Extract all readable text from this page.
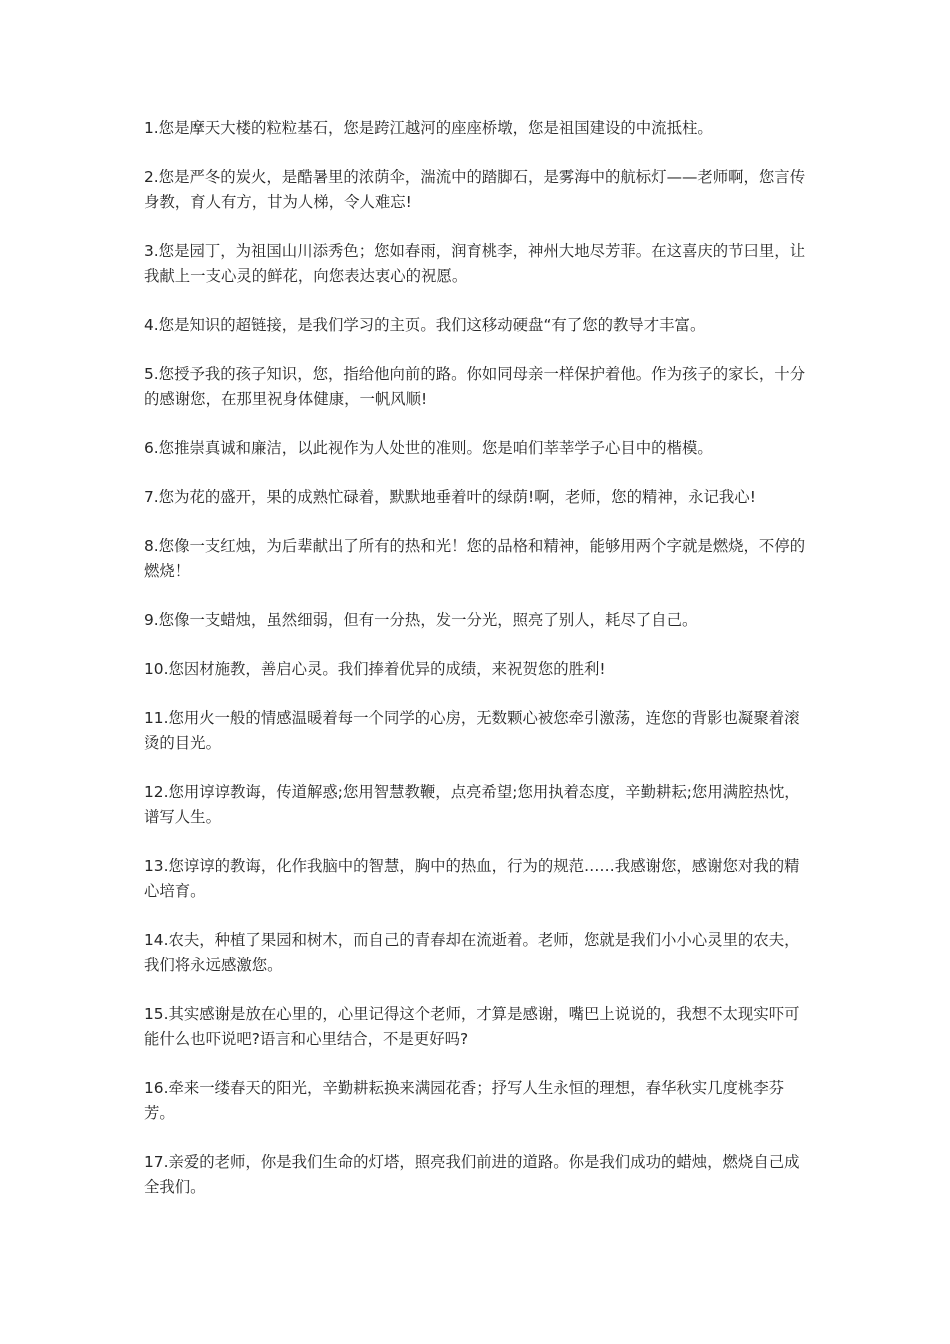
1.您是摩天大楼的粒粒基石，您是跨江越河的座座桥墩，您是祖国建设的中流抵柱。

2.您是严冬的炭火，是酷暑里的浓荫伞，湍流中的踏脚石，是雾海中的航标灯——老师啊，您言传身教，育人有方，甘为人梯，令人难忘!

3.您是园丁，为祖国山川添秀色；您如春雨，润育桃李，神州大地尽芳菲。在这喜庆的节曰里，让我献上一支心灵的鲜花，向您表达衷心的祝愿。

4.您是知识的超链接，是我们学习的主页。我们这移动硬盘“有了您的教导才丰富。

5.您授予我的孩子知识，您，指给他向前的路。你如同母亲一样保护着他。作为孩子的家长，十分的感谢您，在那里祝身体健康，一帆风顺!

6.您推崇真诚和廉洁，以此视作为人处世的准则。您是咱们莘莘学子心目中的楷模。

7.您为花的盛开，果的成熟忙碌着，默默地垂着叶的绿荫!啊，老师，您的精神，永记我心!

8.您像一支红烛，为后辈献出了所有的热和光！您的品格和精神，能够用两个字就是燃烧，不停的燃烧！

9.您像一支蜡烛，虽然细弱，但有一分热，发一分光，照亮了别人，耗尽了自己。

10.您因材施教，善启心灵。我们捧着优异的成绩，来祝贺您的胜利!

11.您用火一般的情感温暖着每一个同学的心房，无数颗心被您牵引激荡，连您的背影也凝聚着滚烫的目光。

12.您用谆谆教诲，传道解惑;您用智慧教鞭，点亮希望;您用执着态度，辛勤耕耘;您用满腔热忱，谱写人生。

13.您谆谆的教诲，化作我脑中的智慧，胸中的热血，行为的规范……我感谢您，感谢您对我的精心培育。

14.农夫，种植了果园和树木，而自己的青春却在流逝着。老师，您就是我们小小心灵里的农夫，我们将永远感激您。

15.其实感谢是放在心里的，心里记得这个老师，才算是感谢，嘴巴上说说的，我想不太现实吓可能什么也吓说吧?语言和心里结合，不是更好吗?

16.牵来一缕春天的阳光，辛勤耕耘换来满园花香；抒写人生永恒的理想，春华秋实几度桃李芬芳。

17.亲爱的老师，你是我们生命的灯塔，照亮我们前进的道路。你是我们成功的蜡烛，燃烧自己成全我们。
